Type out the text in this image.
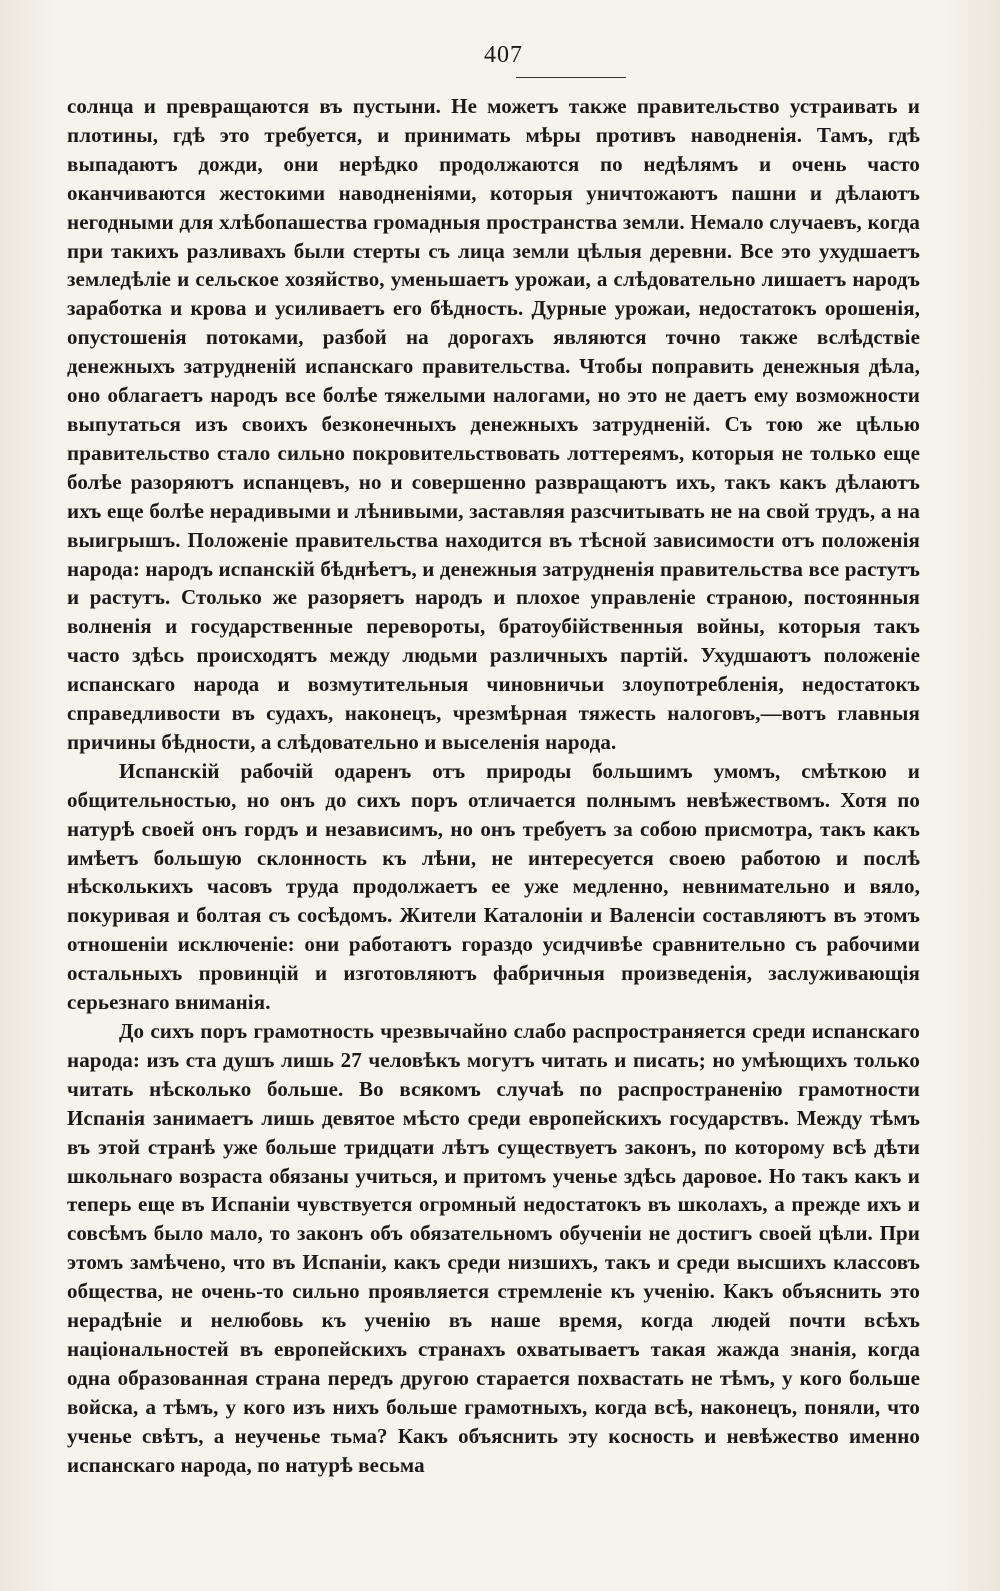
407

солнца и превращаются въ пустыни. Не можетъ также правительство устраивать и плотины, гдѣ это требуется, и принимать мѣры противъ наводненія. Тамъ, гдѣ выпадаютъ дожди, они нерѣдко продолжаются по недѣлямъ и очень часто оканчиваются жестокими наводненіями, которыя уничтожаютъ пашни и дѣлаютъ негодными для хлѣбопашества громадныя пространства земли. Немало случаевъ, когда при такихъ разливахъ были стерты съ лица земли цѣлыя деревни. Все это ухудшаетъ земледѣліе и сельское хозяйство, уменьшаетъ урожаи, а слѣдовательно лишаетъ народъ заработка и крова и усиливаетъ его бѣдность. Дурные урожаи, недостатокъ орошенія, опустошенія потоками, разбой на дорогахъ являются точно также вслѣдствіе денежныхъ затрудненій испанскаго правительства. Чтобы поправить денежныя дѣла, оно облагаетъ народъ все болѣе тяжелыми налогами, но это не даетъ ему возможности выпутаться изъ своихъ безконечныхъ денежныхъ затрудненій. Съ тою же цѣлью правительство стало сильно покровительствовать лоттереямъ, которыя не только еще болѣе разоряютъ испанцевъ, но и совершенно развращаютъ ихъ, такъ какъ дѣлаютъ ихъ еще болѣе нерадивыми и лѣнивыми, заставляя разсчитывать не на свой трудъ, а на выигрышъ. Положеніе правительства находится въ тѣсной зависимости отъ положенія народа: народъ испанскій бѣднѣетъ, и денежныя затрудненія правительства все растутъ и растутъ. Столько же разоряетъ народъ и плохое управленіе страною, постоянныя волненія и государственные перевороты, братоубійственныя войны, которыя такъ часто здѣсь происходятъ между людьми различныхъ партій. Ухудшаютъ положеніе испанскаго народа и возмутительныя чиновничьи злоупотребленія, недостатокъ справедливости въ судахъ, наконецъ, чрезмѣрная тяжесть налоговъ,—вотъ главныя причины бѣдности, а слѣдовательно и выселенія народа.

Испанскій рабочій одаренъ отъ природы большимъ умомъ, смѣткою и общительностью, но онъ до сихъ поръ отличается полнымъ невѣжествомъ. Хотя по натурѣ своей онъ гордъ и независимъ, но онъ требуетъ за собою присмотра, такъ какъ имѣетъ большую склонность къ лѣни, не интересуется своею работою и послѣ нѣсколькихъ часовъ труда продолжаетъ ее уже медленно, невнимательно и вяло, покуривая и болтая съ сосѣдомъ. Жители Каталоніи и Валенсіи составляютъ въ этомъ отношеніи исключеніе: они работаютъ гораздо усидчивѣе сравнительно съ рабочими остальныхъ провинцій и изготовляютъ фабричныя произведенія, заслуживающія серьезнаго вниманія.

До сихъ поръ грамотность чрезвычайно слабо распространяется среди испанскаго народа: изъ ста душъ лишь 27 человѣкъ могутъ читать и писать; но умѣющихъ только читать нѣсколько больше. Во всякомъ случаѣ по распространенію грамотности Испанія занимаетъ лишь девятое мѣсто среди европейскихъ государствъ. Между тѣмъ въ этой странѣ уже больше тридцати лѣтъ существуетъ законъ, по которому всѣ дѣти школьнаго возраста обязаны учиться, и притомъ ученье здѣсь даровое. Но такъ какъ и теперь еще въ Испаніи чувствуется огромный недостатокъ въ школахъ, а прежде ихъ и совсѣмъ было мало, то законъ объ обязательномъ обученіи не достигъ своей цѣли. При этомъ замѣчено, что въ Испаніи, какъ среди низшихъ, такъ и среди высшихъ классовъ общества, не очень-то сильно проявляется стремленіе къ ученію. Какъ объяснить это нерадѣніе и нелюбовь къ ученію въ наше время, когда людей почти всѣхъ національностей въ европейскихъ странахъ охватываетъ такая жажда знанія, когда одна образованная страна передъ другою старается похвастать не тѣмъ, у кого больше войска, а тѣмъ, у кого изъ нихъ больше грамотныхъ, когда всѣ, наконецъ, поняли, что ученье свѣтъ, а неученье тьма? Какъ объяснить эту косность и невѣжество именно испанскаго народа, по натурѣ весьма
